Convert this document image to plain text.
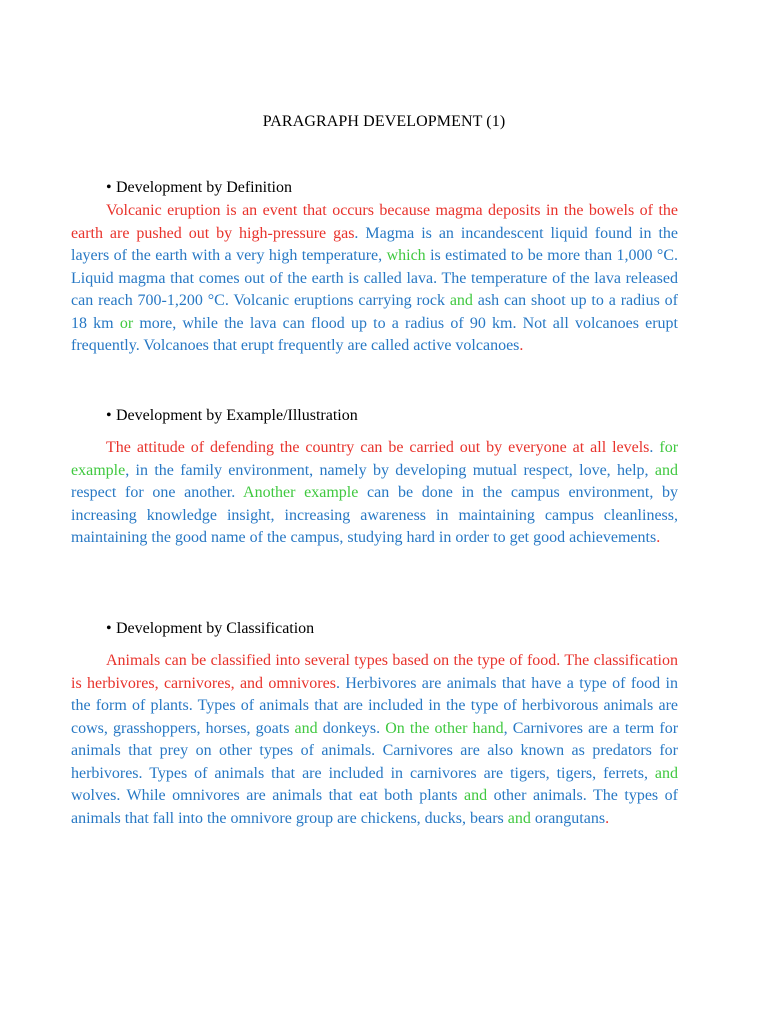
PARAGRAPH DEVELOPMENT (1)
• Development by Definition

Volcanic eruption is an event that occurs because magma deposits in the bowels of the earth are pushed out by high-pressure gas. Magma is an incandescent liquid found in the layers of the earth with a very high temperature, which is estimated to be more than 1,000 °C. Liquid magma that comes out of the earth is called lava. The temperature of the lava released can reach 700-1,200 °C. Volcanic eruptions carrying rock and ash can shoot up to a radius of 18 km or more, while the lava can flood up to a radius of 90 km. Not all volcanoes erupt frequently. Volcanoes that erupt frequently are called active volcanoes.

• Development by Example/Illustration

The attitude of defending the country can be carried out by everyone at all levels. for example, in the family environment, namely by developing mutual respect, love, help, and respect for one another. Another example can be done in the campus environment, by increasing knowledge insight, increasing awareness in maintaining campus cleanliness, maintaining the good name of the campus, studying hard in order to get good achievements.

• Development by Classification

Animals can be classified into several types based on the type of food. The classification is herbivores, carnivores, and omnivores. Herbivores are animals that have a type of food in the form of plants. Types of animals that are included in the type of herbivorous animals are cows, grasshoppers, horses, goats and donkeys. On the other hand, Carnivores are a term for animals that prey on other types of animals. Carnivores are also known as predators for herbivores. Types of animals that are included in carnivores are tigers, tigers, ferrets, and wolves. While omnivores are animals that eat both plants and other animals. The types of animals that fall into the omnivore group are chickens, ducks, bears and orangutans.
